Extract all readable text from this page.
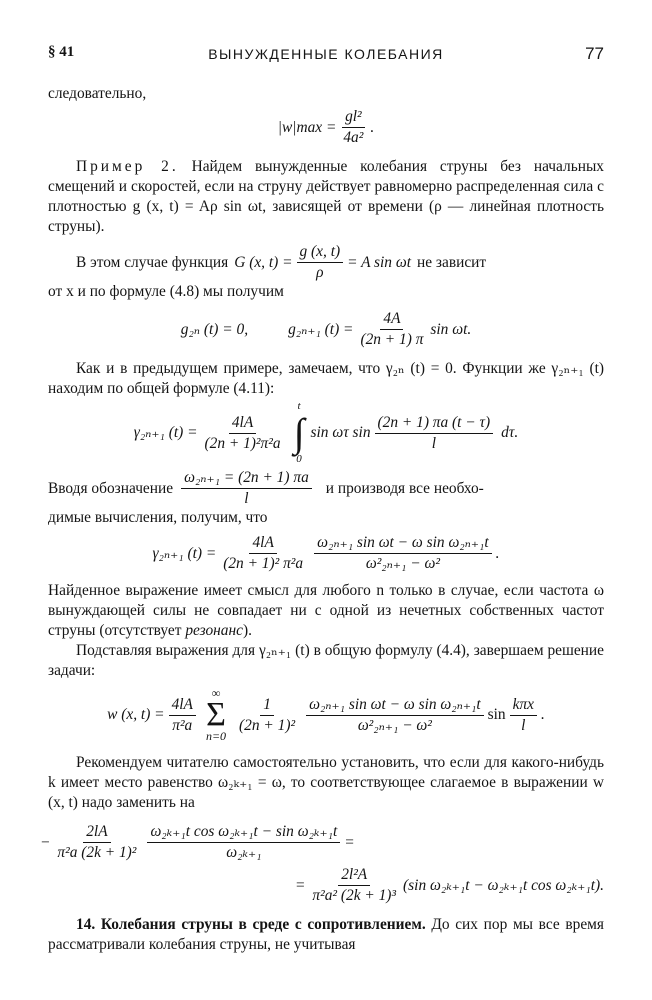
§ 41	ВЫНУЖДЕННЫЕ КОЛЕБАНИЯ	77

следовательно,

$|w|\max = \frac{\text{gl²}}{\text{4a²}}$ .

Пример 2. Найдем вынужденные колебания струны без начальных смещений и скоростей, если на струну действует равномерно распределенная сила с плотностью g (x, t) = Aρ sin ωt, зависящей от времени (ρ — линейная плотность струны).

В этом случае функция G (x, $t) = \frac{g (x, t)}{\rho} = A$ sin ωt не зависит

от x и по формуле (4.8) мы получим

g₂ₙ (t) = 0,	g₂ₙ₊₁ $(t) = \frac{4A}{(2n + 1) \pi}$ sin ωt.

Как и в предыдущем примере, замечаем, что γ₂ₙ (t) = 0. Функции же γ₂ₙ₊₁ (t) находим по общей формуле (4.11):

γ₂ₙ₊₁ $(t) = \frac{4lA}{\text{(2n + 1)²π²a}}$
t
∫
0
sin ωτ $\sin \frac{(2n + 1) \pi a (t - \tau)}{l} d\tau$.
Вводя обозначение $\frac{\text{ω₂ₙ₊₁ = (2n + 1) πa}}{l}$ и производя все необхо-

димые вычисления, получим, что

γ₂ₙ₊₁ $(t) = \frac{4lA}{\text{(2n + 1)² π²a}} \frac{\text{ω₂ₙ₊₁ sin ωt − ω sin ω₂ₙ₊₁t}}{\text{ω²₂ₙ₊₁ − ω²}}$ .

Найденное выражение имеет смысл для любого n только в случае, если частота ω вынуждающей силы не совпадает ни с одной из нечетных собственных частот струны (отсутствует резонанс).

Подставляя выражения для γ₂ₙ₊₁ (t) в общую формулу (4.4), завершаем решение задачи:

w (x, $t) = \frac{4lA}{\text{π²a}}$
∞
Σ
n=0
$\frac{1}{\text{(2n + 1)²}} \frac{\text{ω₂ₙ₊₁ sin ωt − ω sin ω₂ₙ₊₁t}}{\text{ω²₂ₙ₊₁ − ω²}}$ $\sin \frac{\text{kπx}}{l}$ .

Рекомендуем читателю самостоятельно установить, что если для какого-нибудь k имеет место равенство ω₂ₖ₊₁ = ω, то соответствующее слагаемое в выражении w (x, t) надо заменить на

− $\frac{2lA}{\text{π²a (2k + 1)²}} \frac{\text{ω₂ₖ₊₁t cos ω₂ₖ₊₁t − sin ω₂ₖ₊₁t}}{\text{ω₂ₖ₊₁}}$ =
= $\frac{\text{2l²A}}{\text{π²a² (2k + 1)³}} (\sin$ ω₂ₖ₊₁t − ω₂ₖ₊₁t cos ω₂ₖ₊₁t).

14. Колебания струны в среде с сопротивлением. До сих пор мы все время рассматривали колебания струны, не учитывая
